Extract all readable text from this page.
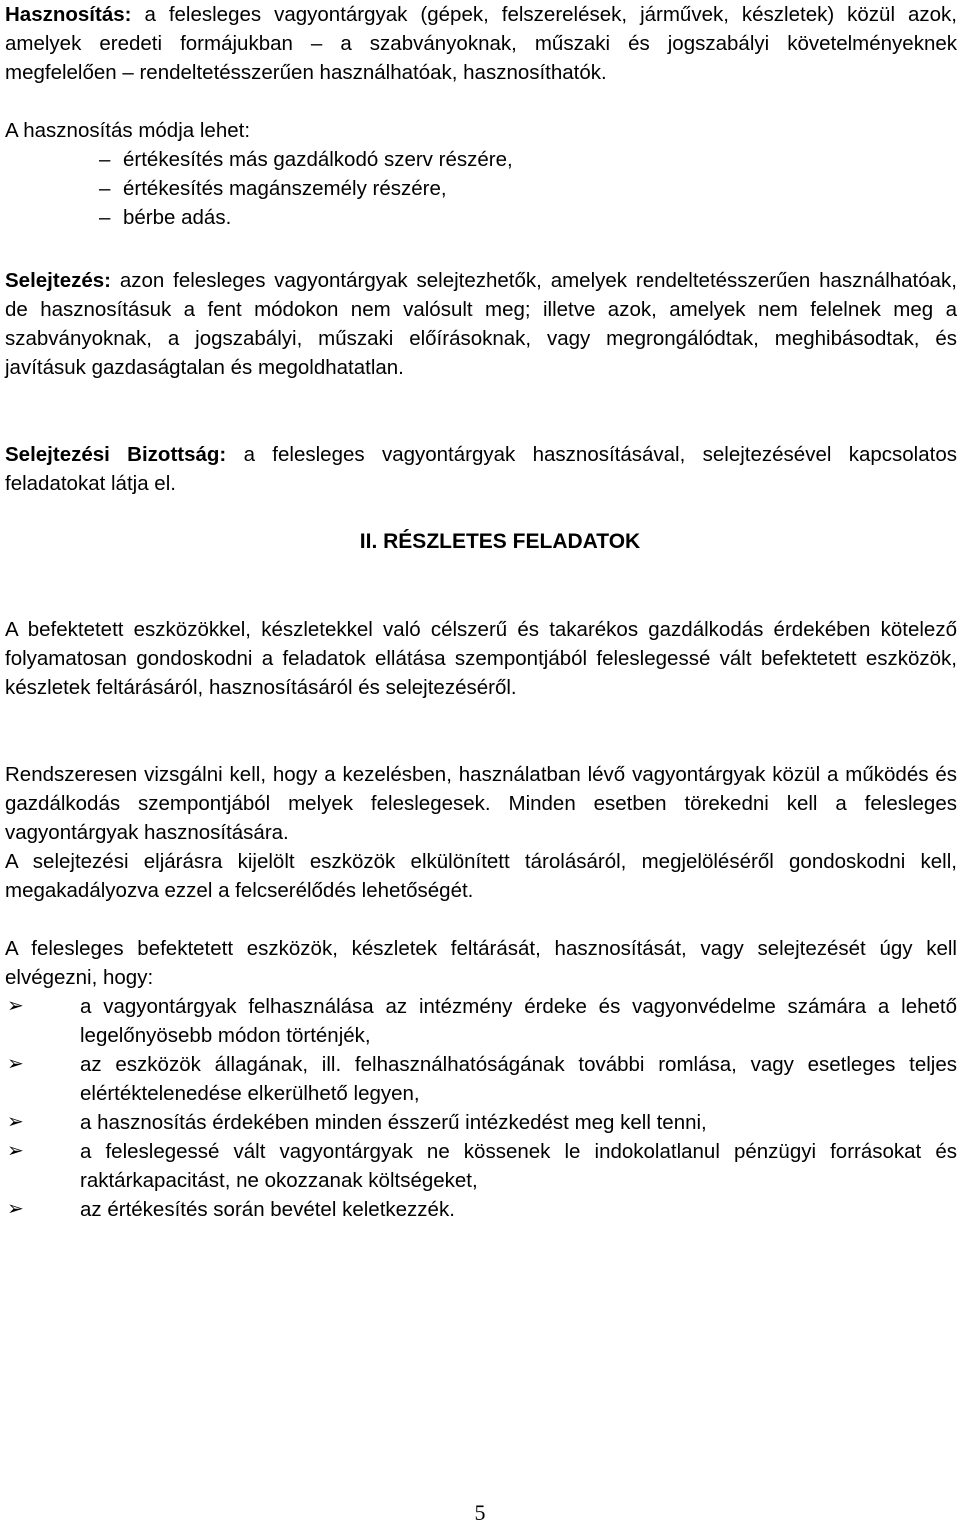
Hasznosítás: a felesleges vagyontárgyak (gépek, felszerelések, járművek, készletek) közül azok, amelyek eredeti formájukban – a szabványoknak, műszaki és jogszabályi követelményeknek megfelelően – rendeltetésszerűen használhatóak, hasznosíthatók.

A hasznosítás módja lehet:

– értékesítés más gazdálkodó szerv részére,
– értékesítés magánszemély részére,
– bérbe adás.

Selejtezés: azon felesleges vagyontárgyak selejtezhetők, amelyek rendeltetésszerűen használhatóak, de hasznosításuk a fent módokon nem valósult meg; illetve azok, amelyek nem felelnek meg a szabványoknak, a jogszabályi, műszaki előírásoknak, vagy megrongálódtak, meghibásodtak, és javításuk gazdaságtalan és megoldhatatlan.

Selejtezési Bizottság: a felesleges vagyontárgyak hasznosításával, selejtezésével kapcsolatos feladatokat látja el.

II. RÉSZLETES FELADATOK

A befektetett eszközökkel, készletekkel való célszerű és takarékos gazdálkodás érdekében kötelező folyamatosan gondoskodni a feladatok ellátása szempontjából feleslegessé vált befektetett eszközök, készletek feltárásáról, hasznosításáról és selejtezéséről.

Rendszeresen vizsgálni kell, hogy a kezelésben, használatban lévő vagyontárgyak közül a működés és gazdálkodás szempontjából melyek feleslegesek. Minden esetben törekedni kell a felesleges vagyontárgyak hasznosítására.

A selejtezési eljárásra kijelölt eszközök elkülönített tárolásáról, megjelöléséről gondoskodni kell, megakadályozva ezzel a felcserélődés lehetőségét.

A felesleges befektetett eszközök, készletek feltárását, hasznosítását, vagy selejtezését úgy kell elvégezni, hogy:

➢	a vagyontárgyak felhasználása az intézmény érdeke és vagyonvédelme számára a lehető legelőnyösebb módon történjék,
➢	az eszközök állagának, ill. felhasználhatóságának további romlása, vagy esetleges teljes elértéktelenedése elkerülhető legyen,
➢	a hasznosítás érdekében minden ésszerű intézkedést meg kell tenni,
➢	a feleslegessé vált vagyontárgyak ne kössenek le indokolatlanul pénzügyi forrásokat és raktárkapacitást, ne okozzanak költségeket,
➢	az értékesítés során bevétel keletkezzék.
5
